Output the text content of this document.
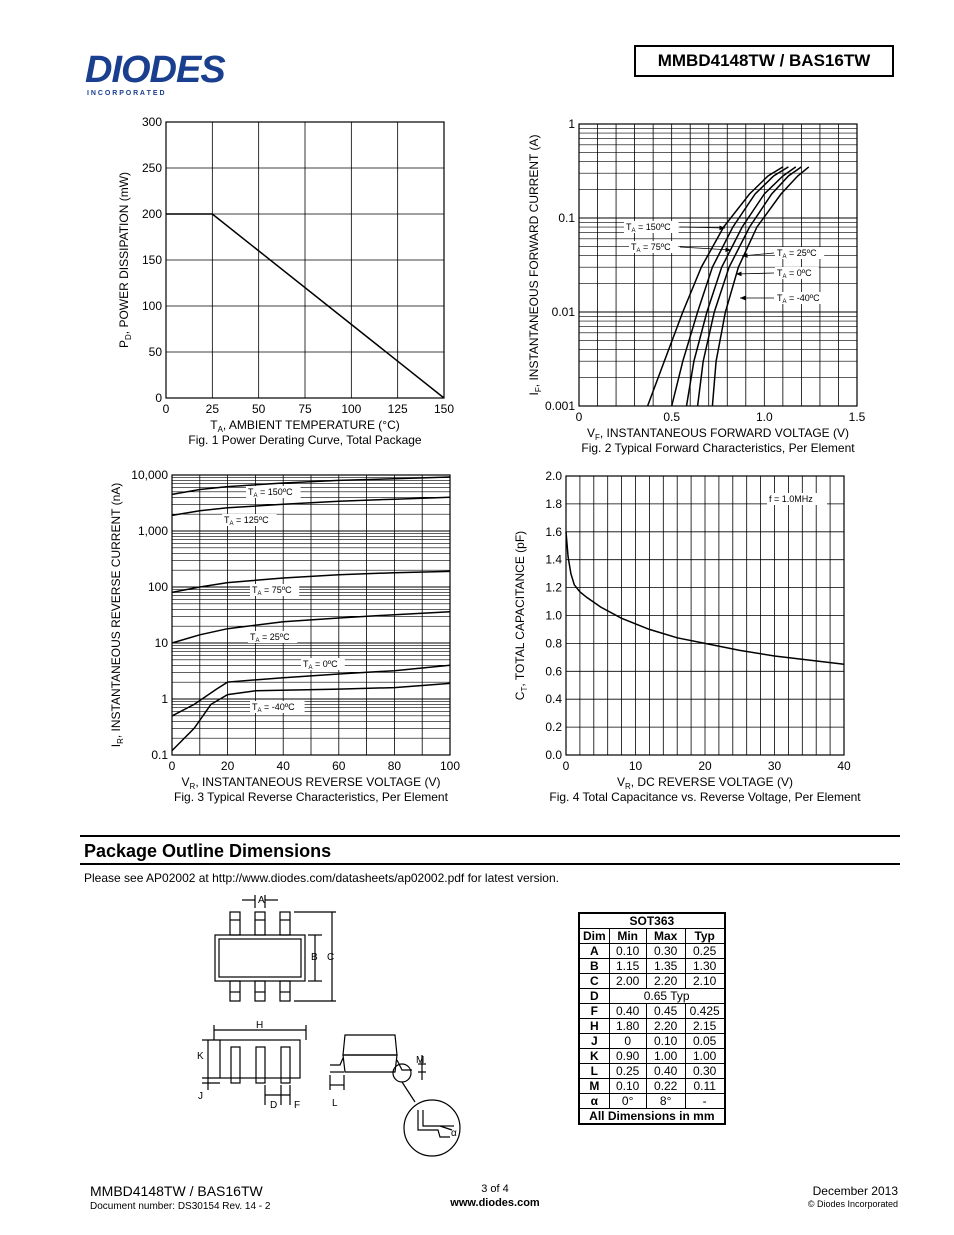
DIODES
I N C O R P O R A T E D
MMBD4148TW / BAS16TW
0	25	50	75 100 125 150
0
50
100
150
200
250
300
$T_A$, AMBIENT TEMPERATURE (°C)
$P_D$, POWER DISSIPATION (mW)
Fig. 1 Power Derating Curve, Total Package
0	0.5	1.0	1.5
0.001
0.01
0.1
1
$V_F$, INSTANTANEOUS FORWARD VOLTAGE (V)
$I_F$, INSTANTANEOUS FORWARD CURRENT (A)
Fig. 2 Typical Forward Characteristics, Per Element
$T_A$ = 150ºC
$T_A$ = 75ºC
$T_A$ = 25ºC
$T_A$ = 0ºC
$T_A$ = -40ºC
0	20	40	60	80	100
0.1
1
10
100
1,000
10,000
$V_R$, INSTANTANEOUS REVERSE VOLTAGE (V)
$I_R$, INSTANTANEOUS REVERSE CURRENT (nA)
Fig. 3 Typical Reverse Characteristics, Per Element
$T_A$ = 150ºC
$T_A$ = 125ºC
$T_A$ = 75ºC
$T_A$ = 25ºC
$T_A$ = 0ºC
$T_A$ = -40ºC
0	10	20	30	40
0.0
0.2
0.4
0.6
0.8
1.0
1.2
1.4
1.6
1.8
2.0
$V_R$, DC REVERSE VOLTAGE (V)
$C_T$, TOTAL CAPACITANCE (pF)
Fig. 4 Total Capacitance vs. Reverse Voltage, Per Element
f = 1.0MHz
Package Outline Dimensions
Please see AP02002 at http://www.diodes.com/datasheets/ap02002.pdf for latest version.
A
B C
H
K
J
D F	L
M
α
SOT363			
Dim	Min	Max	Typ
A	0.10	0.30	0.25
B	1.15	1.35	1.30
C	2.00	2.20	2.10
D	0.65 Typ		
F	0.40	0.45	0.425
H	1.80	2.20	2.15
J	0	0.10	0.05
K	0.90	1.00	1.00
L	0.25	0.40	0.30
M	0.10	0.22	0.11
α	0°	8°	-
All Dimensions in mm			
MMBD4148TW / BAS16TW
Document number: DS30154 Rev. 14 - 2
3 of 4
www.diodes.com
December 2013
© Diodes Incorporated
